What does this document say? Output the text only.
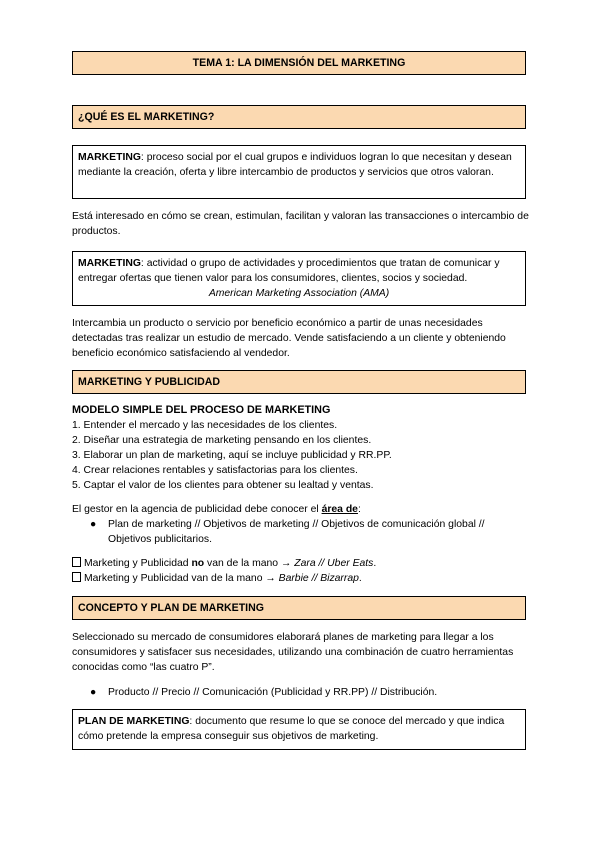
TEMA 1: LA DIMENSIÓN DEL MARKETING
¿QUÉ ES EL MARKETING?
MARKETING: proceso social por el cual grupos e individuos logran lo que necesitan y desean mediante la creación, oferta y libre intercambio de productos y servicios que otros valoran.
Está interesado en cómo se crean, estimulan, facilitan y valoran las transacciones o intercambio de productos.
MARKETING: actividad o grupo de actividades y procedimientos que tratan de comunicar y entregar ofertas que tienen valor para los consumidores, clientes, socios y sociedad.
American Marketing Association (AMA)
Intercambia un producto o servicio por beneficio económico a partir de unas necesidades detectadas tras realizar un estudio de mercado. Vende satisfaciendo a un cliente y obteniendo beneficio económico satisfaciendo al vendedor.
MARKETING Y PUBLICIDAD
MODELO SIMPLE DEL PROCESO DE MARKETING
1. Entender el mercado y las necesidades de los clientes.
2. Diseñar una estrategia de marketing pensando en los clientes.
3. Elaborar un plan de marketing, aquí se incluye publicidad y RR.PP.
4. Crear relaciones rentables y satisfactorias para los clientes.
5. Captar el valor de los clientes para obtener su lealtad y ventas.
El gestor en la agencia de publicidad debe conocer el área de:
● Plan de marketing // Objetivos de marketing // Objetivos de comunicación global // Objetivos publicitarios.
Marketing y Publicidad no van de la mano → Zara // Uber Eats.
Marketing y Publicidad van de la mano → Barbie // Bizarrap.
CONCEPTO Y PLAN DE MARKETING
Seleccionado su mercado de consumidores elaborará planes de marketing para llegar a los consumidores y satisfacer sus necesidades, utilizando una combinación de cuatro herramientas conocidas como “las cuatro P”.
● Producto // Precio // Comunicación (Publicidad y RR.PP) // Distribución.
PLAN DE MARKETING: documento que resume lo que se conoce del mercado y que indica cómo pretende la empresa conseguir sus objetivos de marketing.
